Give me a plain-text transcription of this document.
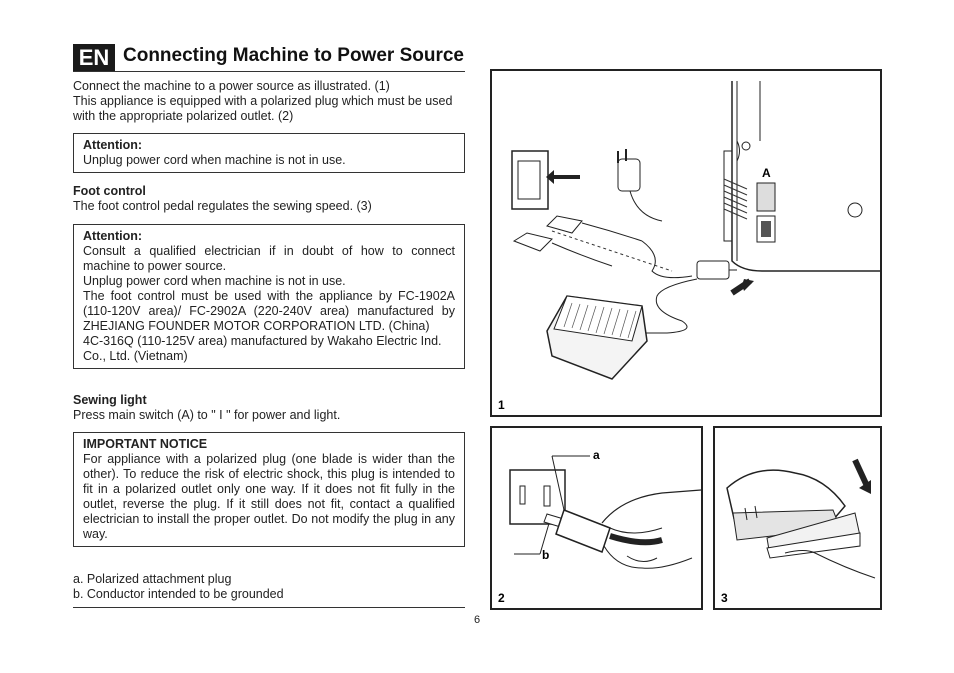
EN Connecting Machine to Power Source
Connect the machine to a power source as illustrated. (1)
This appliance is equipped with a polarized plug which must be used with the appropriate polarized outlet. (2)
Attention:
Unplug power cord when machine is not in use.
Foot control
The foot control pedal regulates the sewing speed. (3)
Attention:
Consult a qualified electrician if in doubt of how to connect machine to power source.
Unplug power cord when machine is not in use.
The foot control must be used with the appliance by FC-1902A (110-120V area)/ FC-2902A (220-240V area) manufactured by ZHEJIANG FOUNDER MOTOR CORPORATION LTD. (China)
4C-316Q (110-125V area) manufactured by Wakaho Electric Ind. Co., Ltd. (Vietnam)
Sewing light
Press main switch (A) to " I " for power and light.
IMPORTANT NOTICE
For appliance with a polarized plug (one blade is wider than the other). To reduce the risk of electric shock, this plug is intended to fit in a polarized outlet only one way. If it does not fit fully in the outlet, reverse the plug. If it still does not fit, contact a qualified electrician to install the proper outlet. Do not modify the plug in any way.
a. Polarized attachment plug
b. Conductor intended to be grounded
6
A
1
a
b
2	3
